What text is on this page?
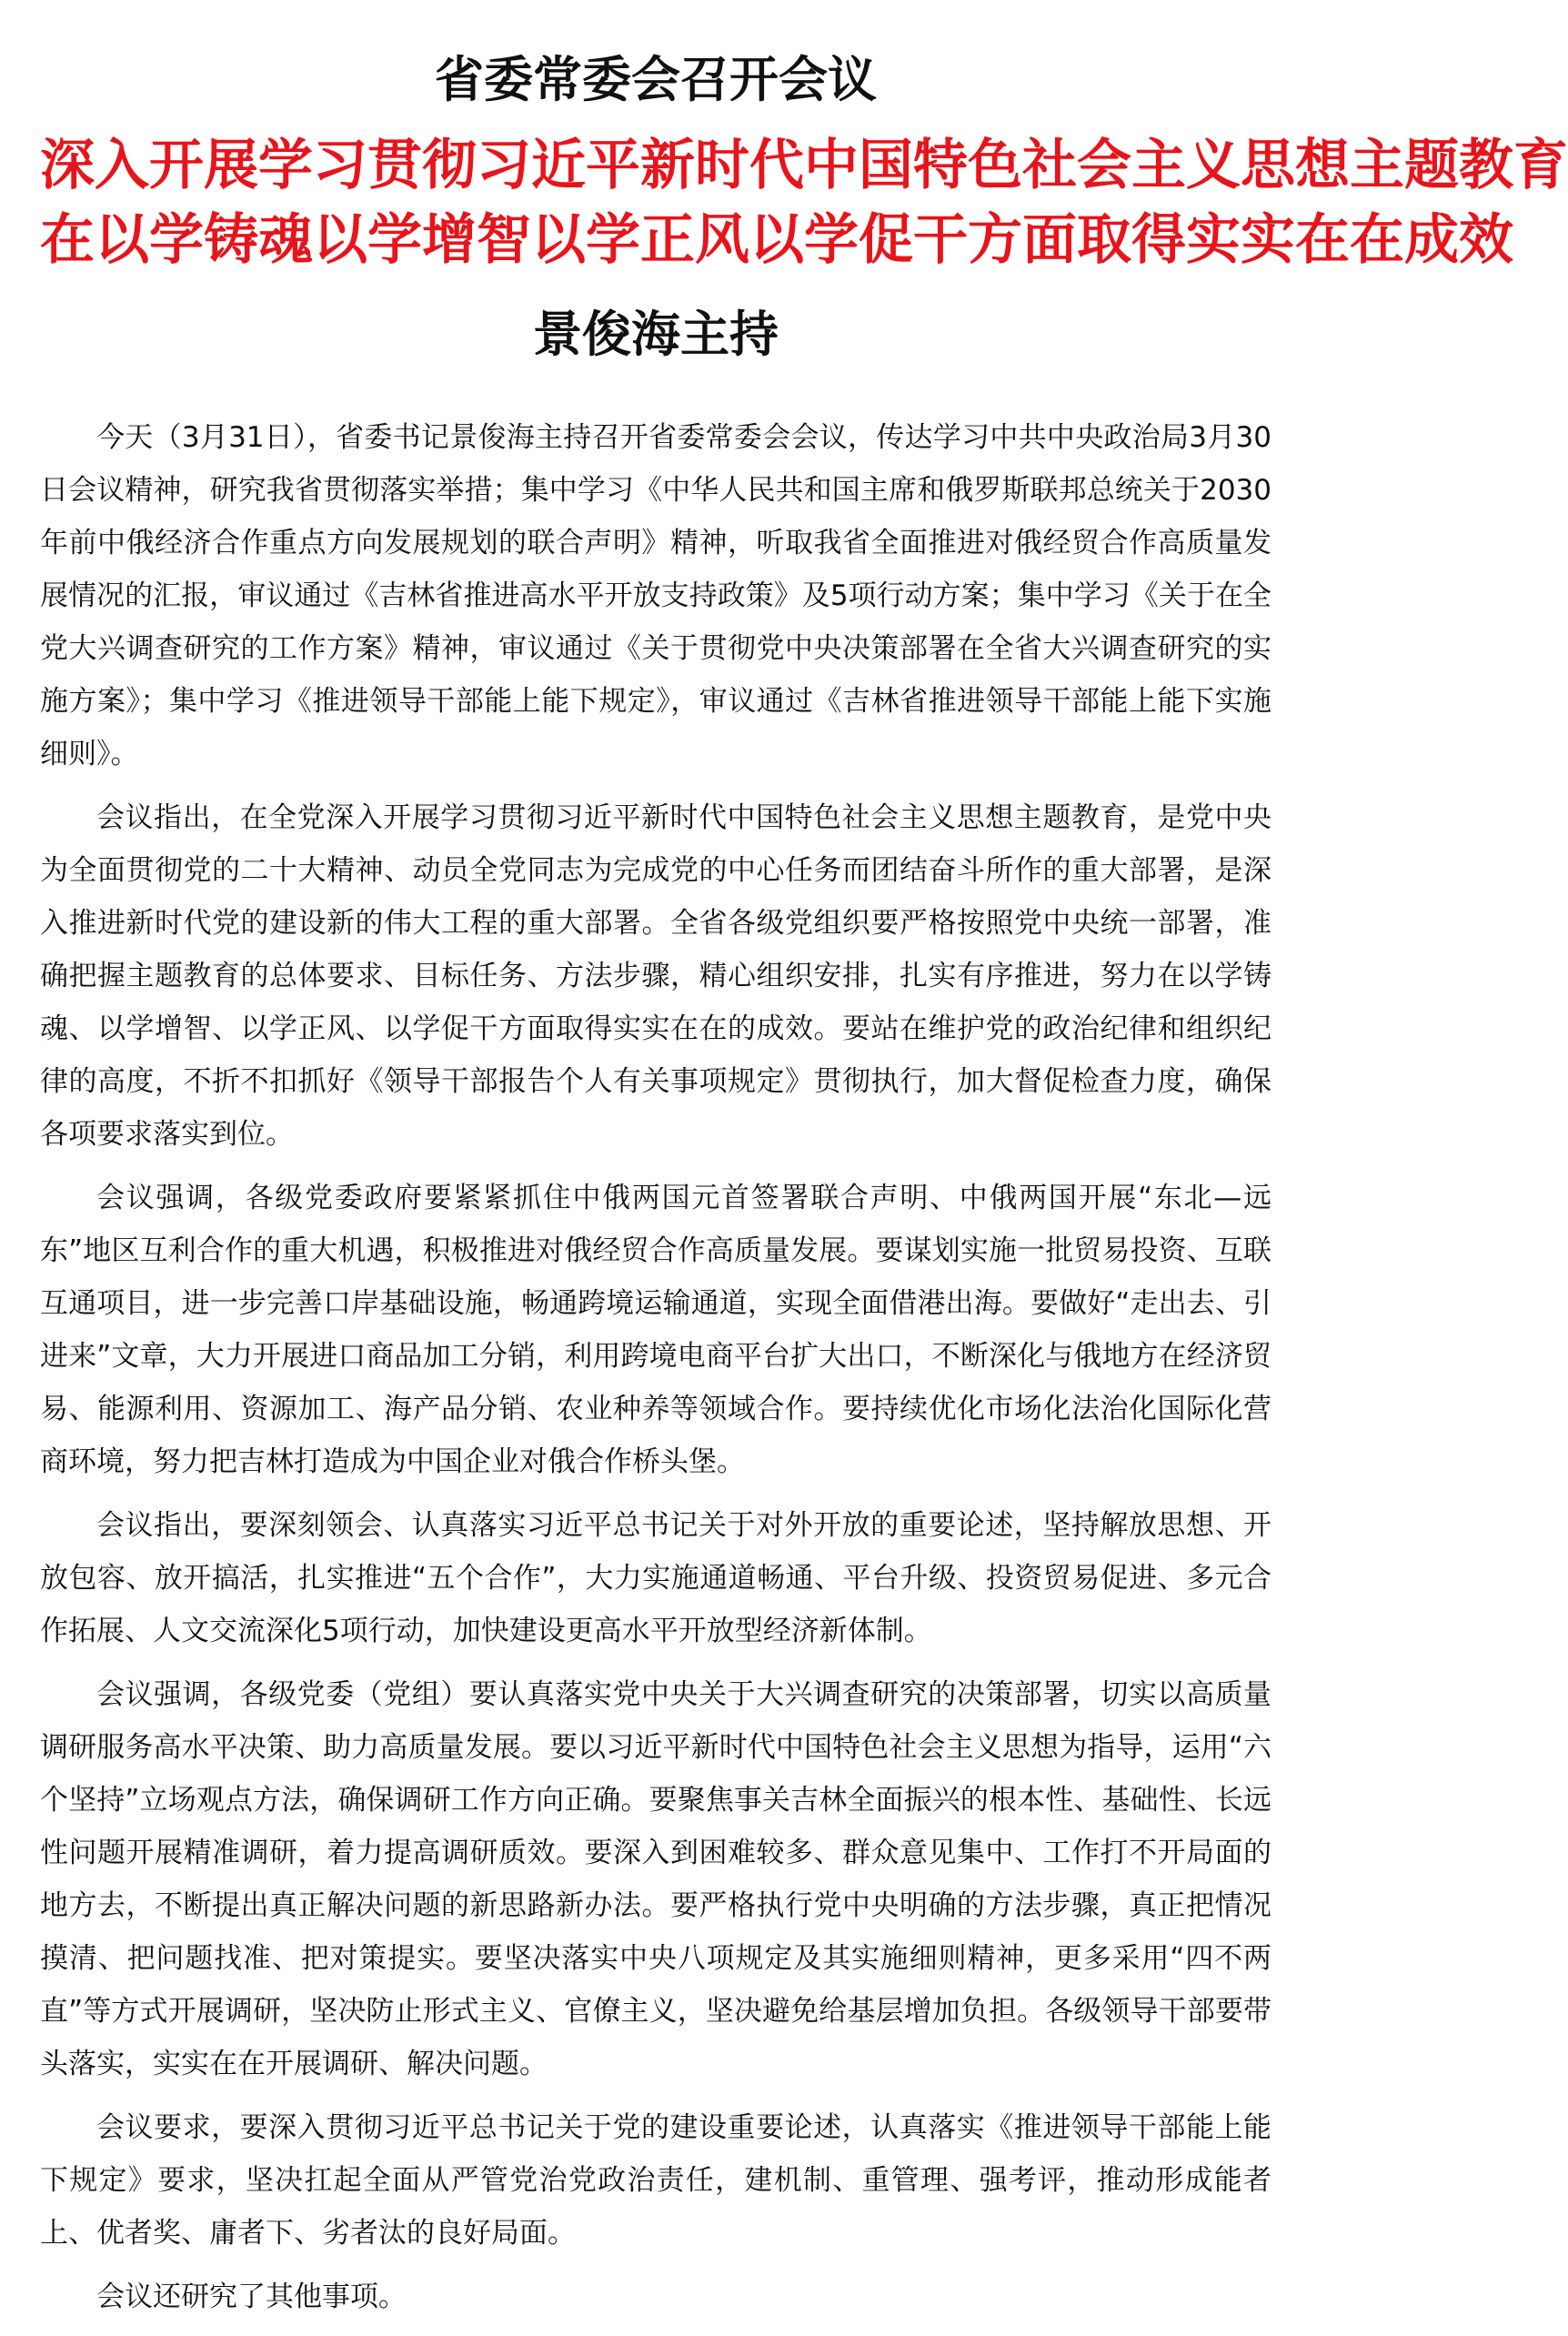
省委常委会召开会议
深入开展学习贯彻习近平新时代中国特色社会主义思想主题教育
在以学铸魂以学增智以学正风以学促干方面取得实实在在成效
景俊海主持

今天（3月31日），省委书记景俊海主持召开省委常委会会议，传达学习中共中央政治局3月30日会议精神，研究我省贯彻落实举措；集中学习《中华人民共和国主席和俄罗斯联邦总统关于2030年前中俄经济合作重点方向发展规划的联合声明》精神，听取我省全面推进对俄经贸合作高质量发展情况的汇报，审议通过《吉林省推进高水平开放支持政策》及5项行动方案；集中学习《关于在全党大兴调查研究的工作方案》精神，审议通过《关于贯彻党中央决策部署在全省大兴调查研究的实施方案》；集中学习《推进领导干部能上能下规定》，审议通过《吉林省推进领导干部能上能下实施细则》。

会议指出，在全党深入开展学习贯彻习近平新时代中国特色社会主义思想主题教育，是党中央为全面贯彻党的二十大精神、动员全党同志为完成党的中心任务而团结奋斗所作的重大部署，是深入推进新时代党的建设新的伟大工程的重大部署。全省各级党组织要严格按照党中央统一部署，准确把握主题教育的总体要求、目标任务、方法步骤，精心组织安排，扎实有序推进，努力在以学铸魂、以学增智、以学正风、以学促干方面取得实实在在的成效。要站在维护党的政治纪律和组织纪律的高度，不折不扣抓好《领导干部报告个人有关事项规定》贯彻执行，加大督促检查力度，确保各项要求落实到位。

会议强调，各级党委政府要紧紧抓住中俄两国元首签署联合声明、中俄两国开展“东北—远东”地区互利合作的重大机遇，积极推进对俄经贸合作高质量发展。要谋划实施一批贸易投资、互联互通项目，进一步完善口岸基础设施，畅通跨境运输通道，实现全面借港出海。要做好“走出去、引进来”文章，大力开展进口商品加工分销，利用跨境电商平台扩大出口，不断深化与俄地方在经济贸易、能源利用、资源加工、海产品分销、农业种养等领域合作。要持续优化市场化法治化国际化营商环境，努力把吉林打造成为中国企业对俄合作桥头堡。

会议指出，要深刻领会、认真落实习近平总书记关于对外开放的重要论述，坚持解放思想、开放包容、放开搞活，扎实推进“五个合作”，大力实施通道畅通、平台升级、投资贸易促进、多元合作拓展、人文交流深化5项行动，加快建设更高水平开放型经济新体制。

会议强调，各级党委（党组）要认真落实党中央关于大兴调查研究的决策部署，切实以高质量调研服务高水平决策、助力高质量发展。要以习近平新时代中国特色社会主义思想为指导，运用“六个坚持”立场观点方法，确保调研工作方向正确。要聚焦事关吉林全面振兴的根本性、基础性、长远性问题开展精准调研，着力提高调研质效。要深入到困难较多、群众意见集中、工作打不开局面的地方去，不断提出真正解决问题的新思路新办法。要严格执行党中央明确的方法步骤，真正把情况摸清、把问题找准、把对策提实。要坚决落实中央八项规定及其实施细则精神，更多采用“四不两直”等方式开展调研，坚决防止形式主义、官僚主义，坚决避免给基层增加负担。各级领导干部要带头落实，实实在在开展调研、解决问题。

会议要求，要深入贯彻习近平总书记关于党的建设重要论述，认真落实《推进领导干部能上能下规定》要求，坚决扛起全面从严管党治党政治责任，建机制、重管理、强考评，推动形成能者上、优者奖、庸者下、劣者汰的良好局面。

会议还研究了其他事项。
